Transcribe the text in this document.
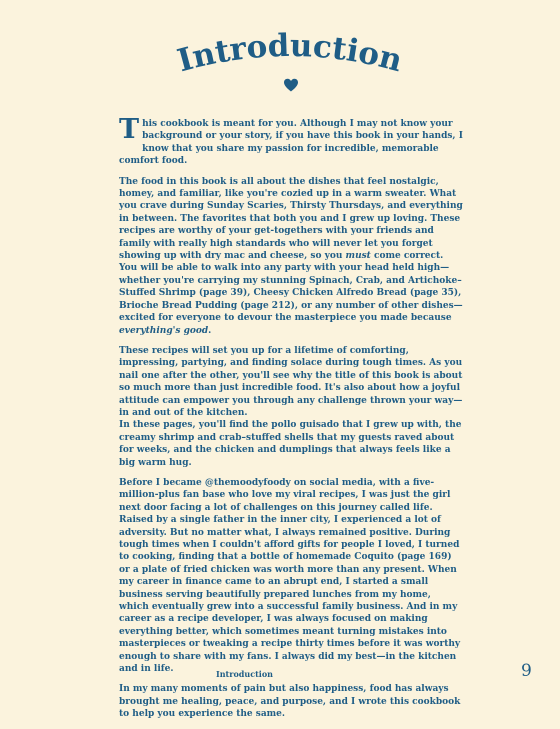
Introduction

This cookbook is meant for you. Although I may not know your background or your story, if you have this book in your hands, I know that you share my passion for incredible, memorable comfort food.

The food in this book is all about the dishes that feel nostalgic, homey, and familiar, like you're cozied up in a warm sweater. What you crave during Sunday Scaries, Thirsty Thursdays, and everything in between. The favorites that both you and I grew up loving. These recipes are worthy of your get-togethers with your friends and family with really high standards who will never let you forget showing up with dry mac and cheese, so you must come correct. You will be able to walk into any party with your head held high—whether you're carrying my stunning Spinach, Crab, and Artichoke–Stuffed Shrimp (page 39), Cheesy Chicken Alfredo Bread (page 35), Brioche Bread Pudding (page 212), or any number of other dishes—excited for everyone to devour the masterpiece you made because everything's good.

These recipes will set you up for a lifetime of comforting, impressing, partying, and finding solace during tough times. As you nail one after the other, you'll see why the title of this book is about so much more than just incredible food. It's also about how a joyful attitude can empower you through any challenge thrown your way—in and out of the kitchen.
In these pages, you'll find the pollo guisado that I grew up with, the creamy shrimp and crab–stuffed shells that my guests raved about for weeks, and the chicken and dumplings that always feels like a big warm hug.

Before I became @themoodyfoody on social media, with a five-million-plus fan base who love my viral recipes, I was just the girl next door facing a lot of challenges on this journey called life. Raised by a single father in the inner city, I experienced a lot of adversity. But no matter what, I always remained positive. During tough times when I couldn't afford gifts for people I loved, I turned to cooking, finding that a bottle of homemade Coquito (page 169) or a plate of fried chicken was worth more than any present. When my career in finance came to an abrupt end, I started a small business serving beautifully prepared lunches from my home, which eventually grew into a successful family business. And in my career as a recipe developer, I was always focused on making everything better, which sometimes meant turning mistakes into masterpieces or tweaking a recipe thirty times before it was worthy enough to share with my fans. I always did my best—in the kitchen and in life.

In my many moments of pain but also happiness, food has always brought me healing, peace, and purpose, and I wrote this cookbook to help you experience the same.

Introduction	9
